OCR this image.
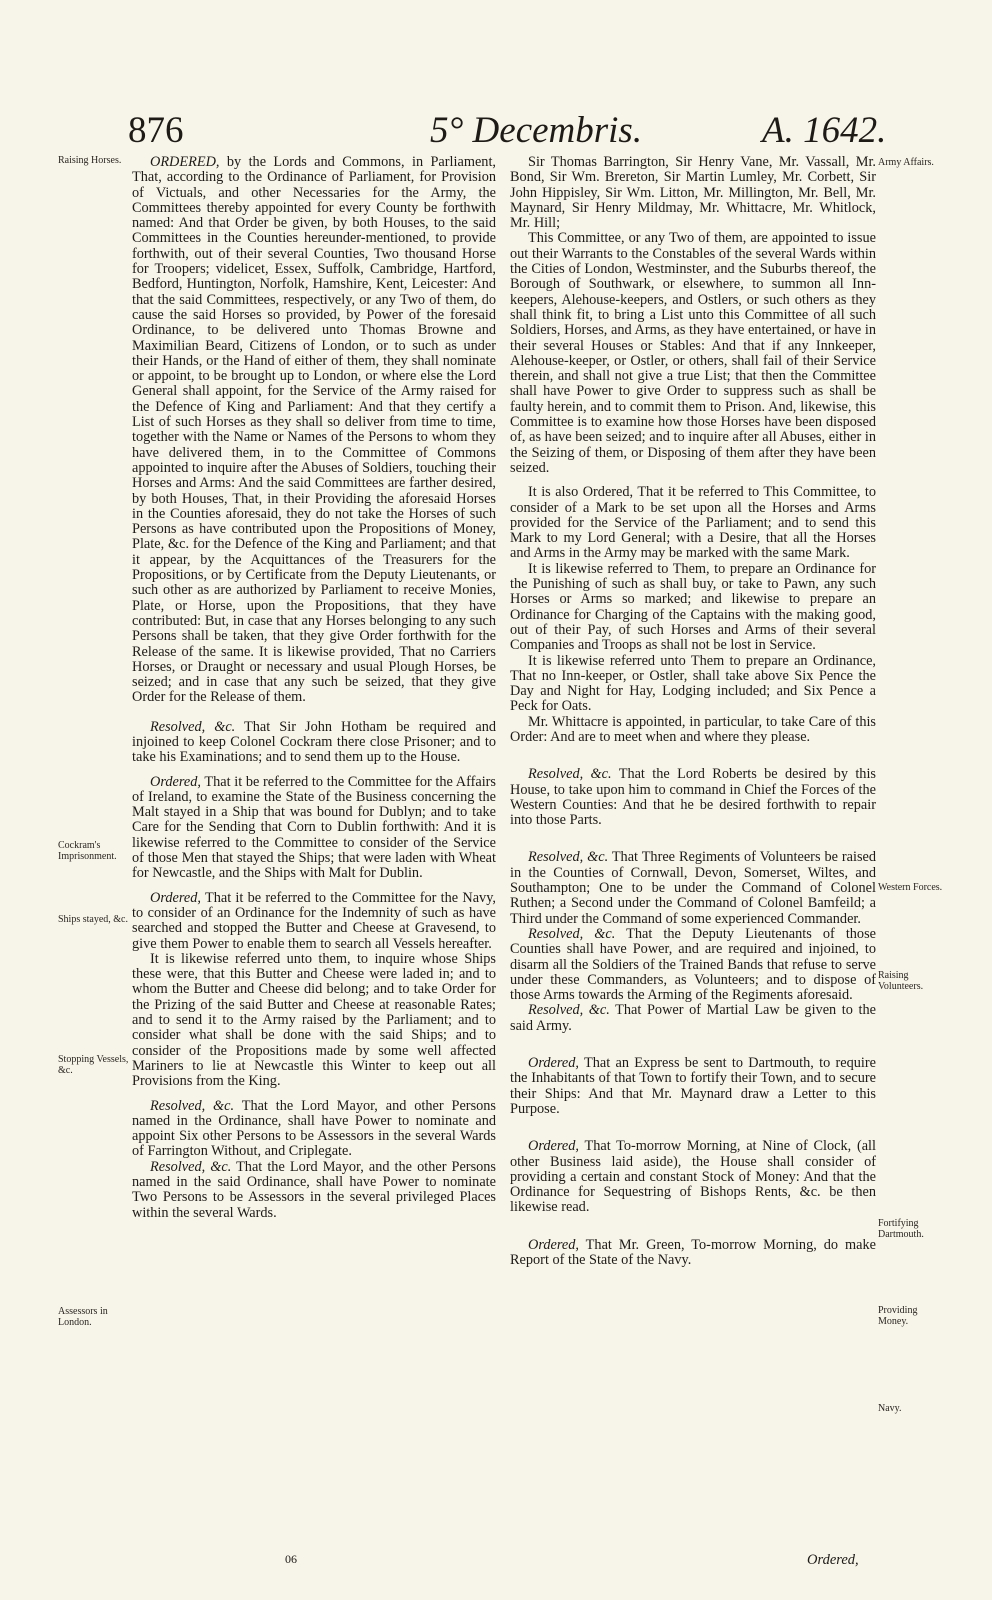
876	5° Decembris.	A. 1642.
Raising Horses.
Cockram's Imprisonment.
Ships stayed, &c.
Stopping Vessels, &c.
Assessors in London.
Army Affairs.
Western Forces.
Raising Volunteers.
Fortifying Dartmouth.
Providing Money.
Navy.

ORDERED, by the Lords and Commons, in Parliament, That, according to the Ordinance of Parliament, for Provision of Victuals, and other Necessaries for the Army, the Committees thereby appointed for every County be forthwith named: And that Order be given, by both Houses, to the said Committees in the Counties hereunder-mentioned, to provide forthwith, out of their several Counties, Two thousand Horse for Troopers; videlicet, Essex, Suffolk, Cambridge, Hartford, Bedford, Huntington, Norfolk, Hamshire, Kent, Leicester: And that the said Committees, respectively, or any Two of them, do cause the said Horses so provided, by Power of the foresaid Ordinance, to be delivered unto Thomas Browne and Maximilian Beard, Citizens of London, or to such as under their Hands, or the Hand of either of them, they shall nominate or appoint, to be brought up to London, or where else the Lord General shall appoint, for the Service of the Army raised for the Defence of King and Parliament: And that they certify a List of such Horses as they shall so deliver from time to time, together with the Name or Names of the Persons to whom they have delivered them, in to the Committee of Commons appointed to inquire after the Abuses of Soldiers, touching their Horses and Arms: And the said Committees are farther desired, by both Houses, That, in their Providing the aforesaid Horses in the Counties aforesaid, they do not take the Horses of such Persons as have contributed upon the Propositions of Money, Plate, &c. for the Defence of the King and Parliament; and that it appear, by the Acquittances of the Treasurers for the Propositions, or by Certificate from the Deputy Lieutenants, or such other as are authorized by Parliament to receive Monies, Plate, or Horse, upon the Propositions, that they have contributed: But, in case that any Horses belonging to any such Persons shall be taken, that they give Order forthwith for the Release of the same. It is likewise provided, That no Carriers Horses, or Draught or necessary and usual Plough Horses, be seized; and in case that any such be seized, that they give Order for the Release of them.

Resolved, &c. That Sir John Hotham be required and injoined to keep Colonel Cockram there close Prisoner; and to take his Examinations; and to send them up to the House.

Ordered, That it be referred to the Committee for the Affairs of Ireland, to examine the State of the Business concerning the Malt stayed in a Ship that was bound for Dublyn; and to take Care for the Sending that Corn to Dublin forthwith: And it is likewise referred to the Committee to consider of the Service of those Men that stayed the Ships; that were laden with Wheat for Newcastle, and the Ships with Malt for Dublin.

Ordered, That it be referred to the Committee for the Navy, to consider of an Ordinance for the Indemnity of such as have searched and stopped the Butter and Cheese at Gravesend, to give them Power to enable them to search all Vessels hereafter.

It is likewise referred unto them, to inquire whose Ships these were, that this Butter and Cheese were laded in; and to whom the Butter and Cheese did belong; and to take Order for the Prizing of the said Butter and Cheese at reasonable Rates; and to send it to the Army raised by the Parliament; and to consider what shall be done with the said Ships; and to consider of the Propositions made by some well affected Mariners to lie at Newcastle this Winter to keep out all Provisions from the King.

Resolved, &c. That the Lord Mayor, and other Persons named in the Ordinance, shall have Power to nominate and appoint Six other Persons to be Assessors in the several Wards of Farrington Without, and Criplegate.

Resolved, &c. That the Lord Mayor, and the other Persons named in the said Ordinance, shall have Power to nominate Two Persons to be Assessors in the several privileged Places within the several Wards.

Sir Thomas Barrington, Sir Henry Vane, Mr. Vassall, Mr. Bond, Sir Wm. Brereton, Sir Martin Lumley, Mr. Corbett, Sir John Hippisley, Sir Wm. Litton, Mr. Millington, Mr. Bell, Mr. Maynard, Sir Henry Mildmay, Mr. Whittacre, Mr. Whitlock, Mr. Hill;

This Committee, or any Two of them, are appointed to issue out their Warrants to the Constables of the several Wards within the Cities of London, Westminster, and the Suburbs thereof, the Borough of Southwark, or elsewhere, to summon all Inn-keepers, Alehouse-keepers, and Ostlers, or such others as they shall think fit, to bring a List unto this Committee of all such Soldiers, Horses, and Arms, as they have entertained, or have in their several Houses or Stables: And that if any Innkeeper, Alehouse-keeper, or Ostler, or others, shall fail of their Service therein, and shall not give a true List; that then the Committee shall have Power to give Order to suppress such as shall be faulty herein, and to commit them to Prison. And, likewise, this Committee is to examine how those Horses have been disposed of, as have been seized; and to inquire after all Abuses, either in the Seizing of them, or Disposing of them after they have been seized.

It is also Ordered, That it be referred to This Committee, to consider of a Mark to be set upon all the Horses and Arms provided for the Service of the Parliament; and to send this Mark to my Lord General; with a Desire, that all the Horses and Arms in the Army may be marked with the same Mark.

It is likewise referred to Them, to prepare an Ordinance for the Punishing of such as shall buy, or take to Pawn, any such Horses or Arms so marked; and likewise to prepare an Ordinance for Charging of the Captains with the making good, out of their Pay, of such Horses and Arms of their several Companies and Troops as shall not be lost in Service.

It is likewise referred unto Them to prepare an Ordinance, That no Inn-keeper, or Ostler, shall take above Six Pence the Day and Night for Hay, Lodging included; and Six Pence a Peck for Oats.

Mr. Whittacre is appointed, in particular, to take Care of this Order: And are to meet when and where they please.

Resolved, &c. That the Lord Roberts be desired by this House, to take upon him to command in Chief the Forces of the Western Counties: And that he be desired forthwith to repair into those Parts.

Resolved, &c. That Three Regiments of Volunteers be raised in the Counties of Cornwall, Devon, Somerset, Wiltes, and Southampton; One to be under the Command of Colonel Ruthen; a Second under the Command of Colonel Bamfeild; a Third under the Command of some experienced Commander.

Resolved, &c. That the Deputy Lieutenants of those Counties shall have Power, and are required and injoined, to disarm all the Soldiers of the Trained Bands that refuse to serve under these Commanders, as Volunteers; and to dispose of those Arms towards the Arming of the Regiments aforesaid.

Resolved, &c. That Power of Martial Law be given to the said Army.

Ordered, That an Express be sent to Dartmouth, to require the Inhabitants of that Town to fortify their Town, and to secure their Ships: And that Mr. Maynard draw a Letter to this Purpose.

Ordered, That To-morrow Morning, at Nine of Clock, (all other Business laid aside), the House shall consider of providing a certain and constant Stock of Money: And that the Ordinance for Sequestring of Bishops Rents, &c. be then likewise read.

Ordered, That Mr. Green, To-morrow Morning, do make Report of the State of the Navy.

06	Ordered,
